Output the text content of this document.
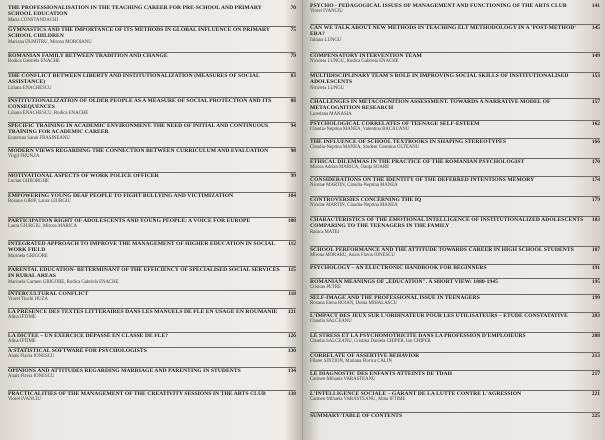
THE PROFESSIONALISATION IN THE TEACHING CAREER FOR PRE-SCHOOL AND PRIMARY SCHOOL EDUCATION
Maria CONSTANDACHI
70
GYMNASTICS AND THE IMPORTANCE OF ITS METHODS IN GLOBAL INFLUENCE ON PRIMARY SCHOOL CHILDREN
Mariana DUMITRU, Mirona MOROIANU
75
ROMANIAN FAMILY BETWEEN TRADITION AND CHANGE
Rodica Gabriela ENACHE
79
THE CONFLICT BETWEEN LIBERTY AND INSTITUTIONALIZATION (MEASURES OF SOCIAL ASSISTANCE)
Liliana ENACHESCU
83
INSTITUTIONALIZATION OF OLDER PEOPLE AS A MEASURE OF SOCIAL PROTECTION AND ITS CONSEQUENCES
Liliana ENACHESCU, Rodica ENACHE
88
SPECIFIC TRAINING IN ACADEMIC ENVIRONMENT. THE NEED OF INITIAL AND CONTINUOUS TRAINING FOR ACADEMIC CAREER
Ecaterina Sarah FRASINEANU
94
MODERN VIEWS REGARDING THE CONNECTION BETWEEN CURRICULUM AND EVALUATION
Virgil FRUNZA
98
MOTIVATIONAL ASPECTS OF WORK POLICE OFFICER
Lucian GHEORGHE
99
EMPOWERING YOUNG DEAF PEOPLE TO FIGHT BULLYING AND VICTIMIZATION
Roxana GIRIP, Laura GIURGIU
104
PARTICIPATION RIGHT OF ADOLESCENTS AND YOUNG PEOPLE: A VOICE FOR EUROPE
Laura GIURGIU, Mircea MARICA
108
INTEGRATED APPROACH TO IMPROVE THE MANAGEMENT OF HIGHER EDUCATION IN SOCIAL WORK FIELD
Marinela GRIGORE
112
PARENTAL EDUCATION- BETERMINANT OF THE EFFICIENCY OF SPECIALISED SOCIAL SERVICES IN RURAL AREAS
Marinela Carmen GRIGORE, Rodica Gabriela ENACHE
115
INTERCULTURAL CONFLICT
Viorel Tiuchi HUZA
118
LA PRÉSENCE DES TEXTES LITTÉRAIRES DANS LES MANUELS DE FLE EN USAGE EN ROUMANIE
Alina IFTIME
121
LA DICTÉE – UN EXERCICE DÉPASSÉ EN CLASSE DE FLE?
Alina IFTIME
126
A STATISTICAL SOFTWARE FOR PSYCHOLOGISTS
Anais Flavia IONESCU
130
OPINIONS AND ATTITUDES REGARDING MARRIAGE AND PARENTING IN STUDENTS
Anais Flavia IONESCU
134
PRACTICALITIES OF THE MANAGEMENT OF THE CREATIVITY SESSIONS IN THE ARTS CLUB
Viorel IVANCIU
138
PSYCHO - PEDAGOGICAL ISSUES OF MANAGEMENT AND FUNCTIONING OF THE ARTS CLUB
Viorel IVANCIU
141
CAN WE TALK ABOUT NEW METHODS IN TEACHING ELT METHODOLOGY IN A 'POST-METHOD' ERA?
Iuliana LUNGU
145
COMPENSATORY INTERVENTION TEAM
Nicoleta LUNGU, Rodica Gabriela ENACHE
149
MULTIDISCIPLINARY TEAM'S ROLE IN IMPROVING SOCIAL SKILLS OF INSTITUTIONALISED ADOLESCENTS
Nicoleta LUNGU
153
CHALLENGES IN METACOGNITION ASSESSMENT. TOWARDS A NARRATIVE MODEL OF METACOGNITION RESEARCH
Loredana MANASIA
157
PSYCHOLOGICAL CORRELATES OF TEENAGE SELF-ESTEEM
Claudia-Neptina MANEA, Valentina BACAUANU
162
THE INFLUENCE OF SCHOOL TEXTBOOKS IN SHAPING STEREOTYPES
Claudia-Neptina MANEA, Student Cosmina OLTEANU
166
ETHICAL DILEMMAS IN THE PRACTICE OF THE ROMANIAN PSYCHOLOGIST
Mircea Adrian MARICA, Oanţa SOARE
170
CONSIDERATIONS ON THE IDENTITY OF THE DEFERRED INTENTIONS MEMORY
Nicolae MARTIN, Claudia-Neptina MANEA
174
CONTROVERSIES CONCERNING THE IQ
Nicolae MARTIN, Claudia-Neptina MANEA
179
CHARACTERISTICS OF THE EMOTIONAL INTELLIGENCE OF INSTITUTIONALIZED ADOLESCENTS COMPARING TO THE TEENAGERS IN THE FAMILY
Raluca MATEI
183
SCHOOL PERFORMANCE AND THE ATTITUDE TOWARDS CAREER IN HIGH SCHOOL STUDENTS
Mirona MORARU, Anais Flavia IONESCU
187
PSYCHOLOGY – AN ELECTRONIC HANDBOOK FOR BEGINNERS	191
ROMANIAN MEANINGS OF „EDUCATION". A SHORT VIEW: 1880-1945
Cristian PETRE
195
SELF-IMAGE AND THE PROFESSIONAL ISSUE IN TEENAGERS
Roxana Elena ROIAN, Doina MIHALASCU
199
L'IMPACT DES JEUX SUR L'ORDINATEUR POUR LES UTILISATEURS – ETUDE CONSTATATIVE
Claudia SALCEANU
203
LE STRESS ET LA PSYCHOMOTRICITE DANS LA PROFESSION D'EMPLOIEURS
Claudia SALCEANU, Cristina Daniela CHIPER, Ion CHIPER
208
CORRELATE OF ASSERTIVE BEHAVIOR
Filaret SINTION, Mariana Florica CALIN
213
LE DIAGNOSTIC DES ENFANTS ATTEINTS DE TDAH
Carmen-Mihaela VARASTEANU
217
L'INTELLIGENCE SOCIALE – GARANT DE LA LUTTE CONTRE L'AGRESSION
Carmen-Mihaela VARASTEANU, Alina IFTIME
221
SUMMARY/TABLE OF CONTENTS	225
